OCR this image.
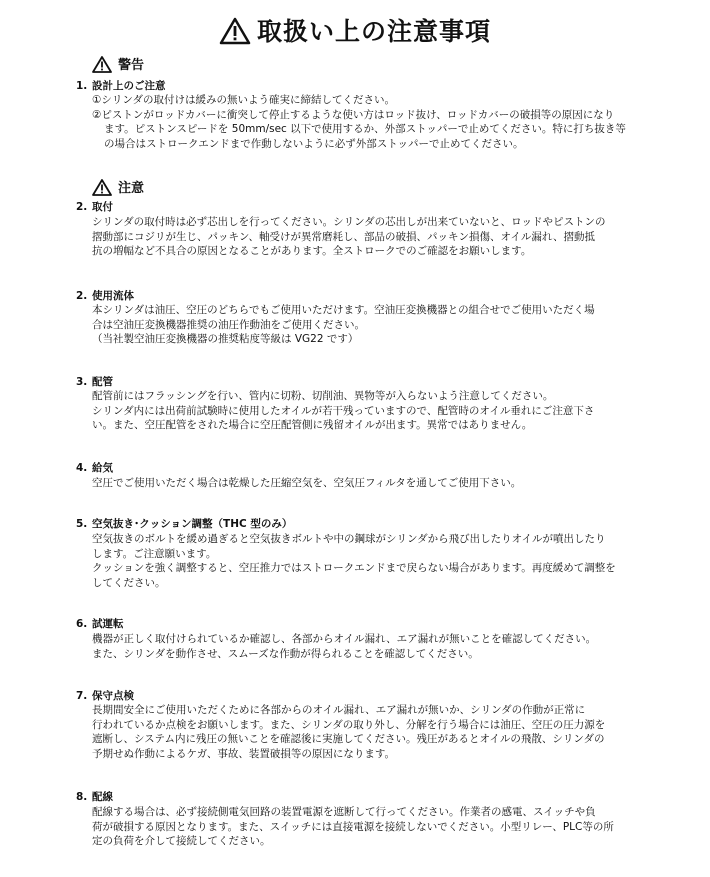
取扱い上の注意事項
警告
1. 設計上のご注意
①シリンダの取付けは緩みの無いよう確実に締結してください。
②ピストンがロッドカバーに衝突して停止するような使い方はロッド抜け、ロッドカバーの破損等の原因になり
ます。ピストンスピードを 50mm/sec 以下で使用するか、外部ストッパーで止めてください。特に打ち抜き等
の場合はストロークエンドまで作動しないように必ず外部ストッパーで止めてください。
注意
2. 取付
シリンダの取付時は必ず芯出しを行ってください。シリンダの芯出しが出来ていないと、ロッドやピストンの
摺動部にコジリが生じ、パッキン、軸受けが異常磨耗し、部品の破損、パッキン損傷、オイル漏れ、摺動抵
抗の増幅など不具合の原因となることがあります。全ストロークでのご確認をお願いします。
2. 使用流体
本シリンダは油圧、空圧のどちらでもご使用いただけます。空油圧変換機器との組合せでご使用いただく場
合は空油圧変換機器推奨の油圧作動油をご使用ください。
（当社製空油圧変換機器の推奨粘度等級は VG22 です）
3. 配管
配管前にはフラッシングを行い、管内に切粉、切削油、異物等が入らないよう注意してください。
シリンダ内には出荷前試験時に使用したオイルが若干残っていますので、配管時のオイル垂れにご注意下さ
い。また、空圧配管をされた場合に空圧配管側に残留オイルが出ます。異常ではありません。
4. 給気
空圧でご使用いただく場合は乾燥した圧縮空気を、空気圧フィルタを通してご使用下さい。
5. 空気抜き･クッション調整（THC 型のみ）
空気抜きのボルトを緩め過ぎると空気抜きボルトや中の鋼球がシリンダから飛び出したりオイルが噴出したり
します。ご注意願います。
クッションを強く調整すると、空圧推力ではストロークエンドまで戻らない場合があります。再度緩めて調整を
してください。
6. 試運転
機器が正しく取付けられているか確認し、各部からオイル漏れ、エア漏れが無いことを確認してください。
また、シリンダを動作させ、スムーズな作動が得られることを確認してください。
7. 保守点検
長期間安全にご使用いただくために各部からのオイル漏れ、エア漏れが無いか、シリンダの作動が正常に
行われているか点検をお願いします。また、シリンダの取り外し、分解を行う場合には油圧、空圧の圧力源を
遮断し、システム内に残圧の無いことを確認後に実施してください。残圧があるとオイルの飛散、シリンダの
予期せぬ作動によるケガ、事故、装置破損等の原因になります。
8. 配線
配線する場合は、必ず接続側電気回路の装置電源を遮断して行ってください。作業者の感電、スイッチや負
荷が破損する原因となります。また、スイッチには直接電源を接続しないでください。小型リレー、PLC等の所
定の負荷を介して接続してください。
